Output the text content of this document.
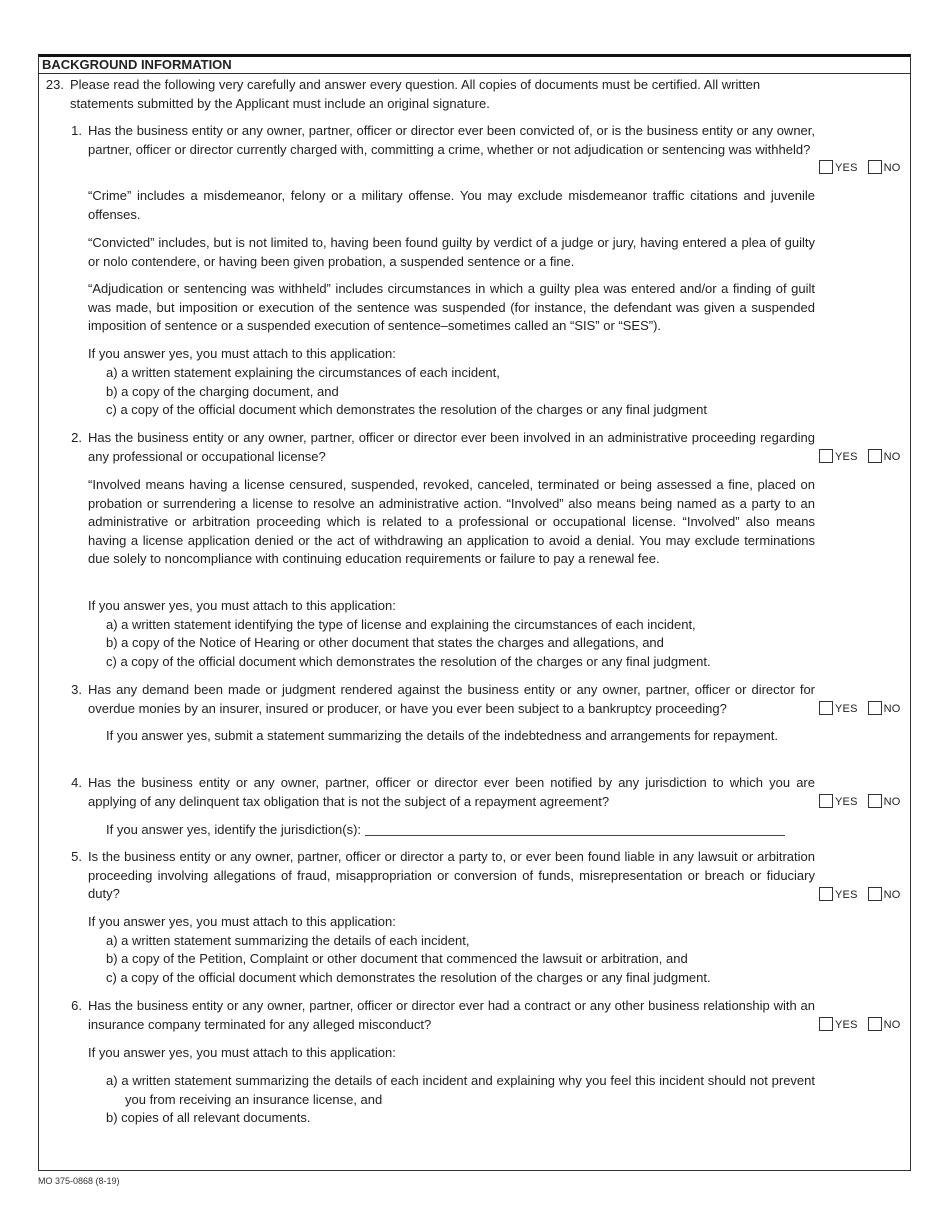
BACKGROUND INFORMATION
23. Please read the following very carefully and answer every question. All copies of documents must be certified. All written statements submitted by the Applicant must include an original signature.

1. Has the business entity or any owner, partner, officer or director ever been convicted of, or is the business entity or any owner, partner, officer or director currently charged with, committing a crime, whether or not adjudication or sentencing was withheld?

YES NO

“Crime” includes a misdemeanor, felony or a military offense. You may exclude misdemeanor traffic citations and juvenile offenses.

“Convicted” includes, but is not limited to, having been found guilty by verdict of a judge or jury, having entered a plea of guilty or nolo contendere, or having been given probation, a suspended sentence or a fine.

“Adjudication or sentencing was withheld” includes circumstances in which a guilty plea was entered and/or a finding of guilt was made, but imposition or execution of the sentence was suspended (for instance, the defendant was given a suspended imposition of sentence or a suspended execution of sentence–sometimes called an “SIS” or “SES”).

If you answer yes, you must attach to this application:

a) a written statement explaining the circumstances of each incident,

b) a copy of the charging document, and

c) a copy of the official document which demonstrates the resolution of the charges or any final judgment

2. Has the business entity or any owner, partner, officer or director ever been involved in an administrative proceeding regarding any professional or occupational license?	YES NO

“Involved means having a license censured, suspended, revoked, canceled, terminated or being assessed a fine, placed on probation or surrendering a license to resolve an administrative action. “Involved” also means being named as a party to an administrative or arbitration proceeding which is related to a professional or occupational license. “Involved” also means having a license application denied or the act of withdrawing an application to avoid a denial. You may exclude terminations due solely to noncompliance with continuing education requirements or failure to pay a renewal fee.

If you answer yes, you must attach to this application:

a) a written statement identifying the type of license and explaining the circumstances of each incident,

b) a copy of the Notice of Hearing or other document that states the charges and allegations, and

c) a copy of the official document which demonstrates the resolution of the charges or any final judgment.

3. Has any demand been made or judgment rendered against the business entity or any owner, partner, officer or director for overdue monies by an insurer, insured or producer, or have you ever been subject to a bankruptcy proceeding?	YES NO

If you answer yes, submit a statement summarizing the details of the indebtedness and arrangements for repayment.

4. Has the business entity or any owner, partner, officer or director ever been notified by any jurisdiction to which you are applying of any delinquent tax obligation that is not the subject of a repayment agreement?	YES NO

If you answer yes, identify the jurisdiction(s):

5. Is the business entity or any owner, partner, officer or director a party to, or ever been found liable in any lawsuit or arbitration proceeding involving allegations of fraud, misappropriation or conversion of funds, misrepresentation or breach or fiduciary duty?	YES NO

If you answer yes, you must attach to this application:

a) a written statement summarizing the details of each incident,

b) a copy of the Petition, Complaint or other document that commenced the lawsuit or arbitration, and

c) a copy of the official document which demonstrates the resolution of the charges or any final judgment.

6. Has the business entity or any owner, partner, officer or director ever had a contract or any other business relationship with an insurance company terminated for any alleged misconduct?	YES NO

If you answer yes, you must attach to this application:

a) a written statement summarizing the details of each incident and explaining why you feel this incident should not prevent you from receiving an insurance license, and

b) copies of all relevant documents.

MO 375-0868 (8-19)
